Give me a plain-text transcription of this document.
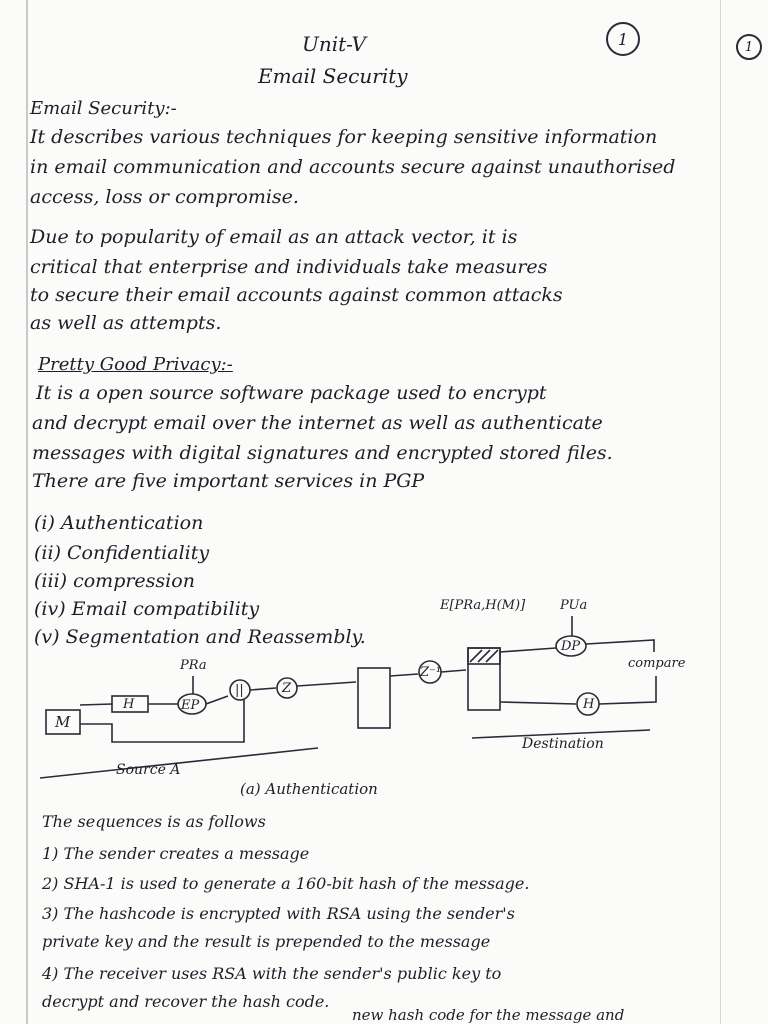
Unit-V
Email Security
1	1
Email Security:-
It describes various techniques for keeping sensitive information
in email communication and accounts secure against unauthorised
access, loss or compromise.
Due to popularity of email as an attack vector, it is
critical that enterprise and individuals take measures
to secure their email accounts against common attacks
as well as attempts.
Pretty Good Privacy:-
It is a open source software package used to encrypt
and decrypt email over the internet as well as authenticate
messages with digital signatures and encrypted stored files.
There are five important services in PGP
(i) Authentication
(ii) Confidentiality
(iii) compression
(iv) Email compatibility
(v) Segmentation and Reassembly.
M
H	EP
||	Z
Z⁻¹
DP
H
PRa
PUa
E[PRa,H(M)]
compare
Source A
Destination
(a) Authentication
The sequences is as follows
1) The sender creates a message
2) SHA-1 is used to generate a 160-bit hash of the message.
3) The hashcode is encrypted with RSA using the sender's
private key and the result is prepended to the message
4) The receiver uses RSA with the sender's public key to
decrypt and recover the hash code.
new hash code for the message and
